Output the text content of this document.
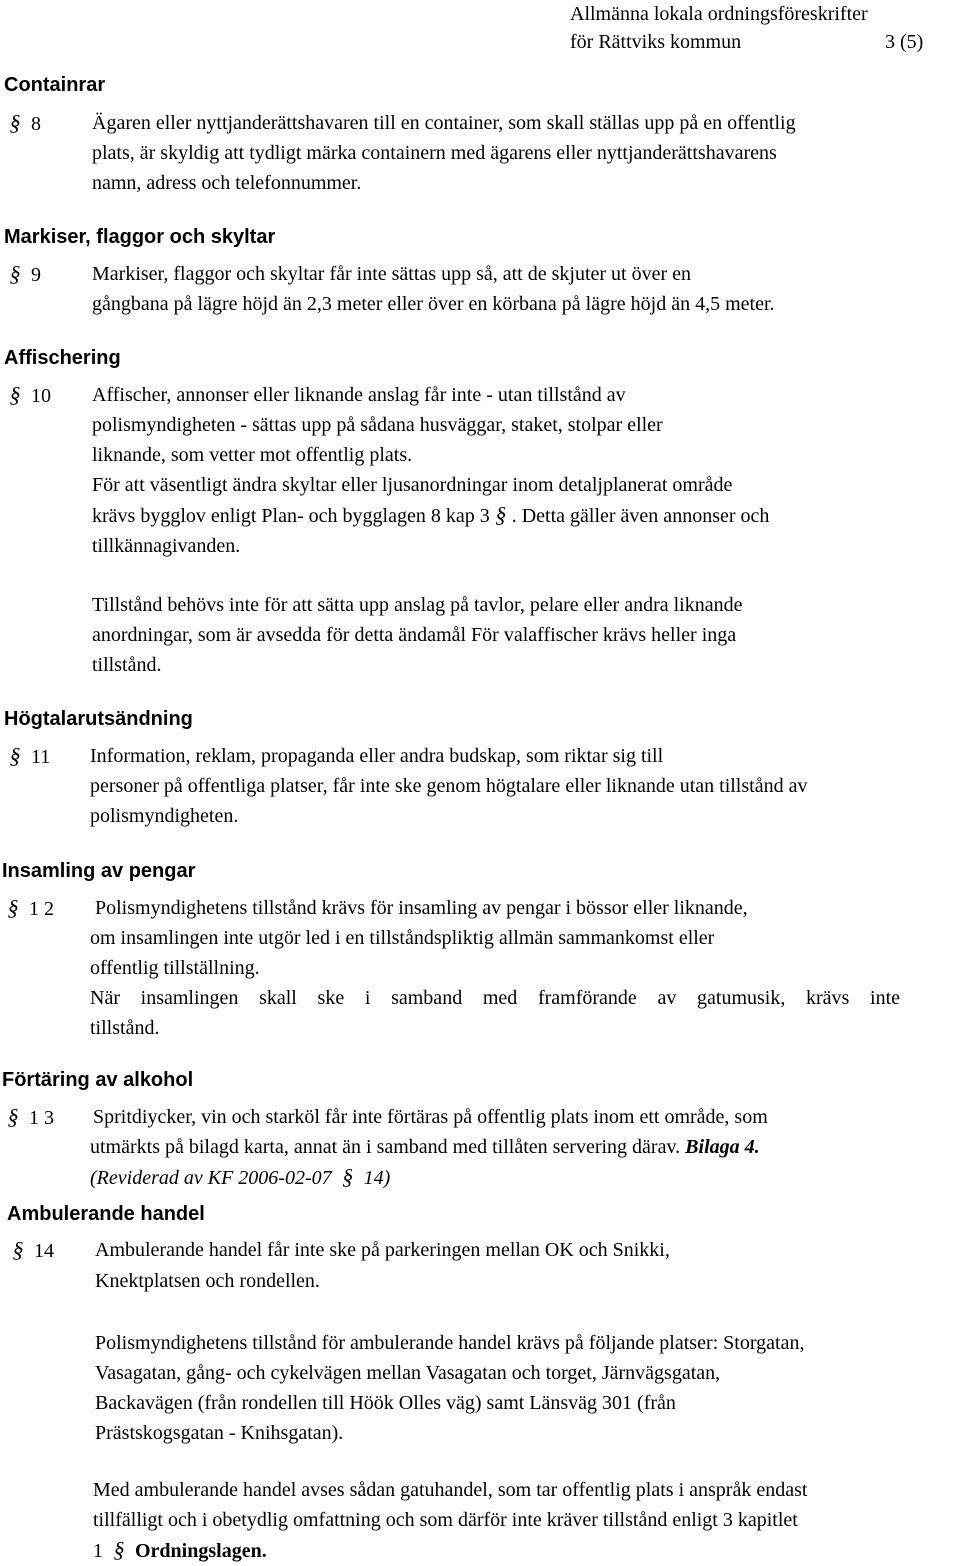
Allmänna lokala ordningsföreskrifter
för Rättviks kommun	3 (5)
Containrar
§ 8	Ägaren eller nyttjanderättshavaren till en container, som skall ställas upp på en offentlig
plats, är skyldig att tydligt märka containern med ägarens eller nyttjanderättshavarens
namn, adress och telefonnummer.
Markiser, flaggor och skyltar
§ 9	Markiser, flaggor och skyltar får inte sättas upp så, att de skjuter ut över en
gångbana på lägre höjd än 2,3 meter eller över en körbana på lägre höjd än 4,5 meter.
Affischering
§ 10 Affischer, annonser eller liknande anslag får inte - utan tillstånd av
polismyndigheten - sättas upp på sådana husväggar, staket, stolpar eller
liknande, som vetter mot offentlig plats.
För att väsentligt ändra skyltar eller ljusanordningar inom detaljplanerat område
krävs bygglov enligt Plan- och bygglagen 8 kap 3 § . Detta gäller även annonser och
tillkännagivanden.
Tillstånd behövs inte för att sätta upp anslag på tavlor, pelare eller andra liknande
anordningar, som är avsedda för detta ändamål För valaffischer krävs heller inga
tillstånd.
Högtalarutsändning
§ 11 Information, reklam, propaganda eller andra budskap, som riktar sig till
personer på offentliga platser, får inte ske genom högtalare eller liknande utan tillstånd av
polismyndigheten.
Insamling av pengar
§ 1 2 Polismyndighetens tillstånd krävs för insamling av pengar i bössor eller liknande,
om insamlingen inte utgör led i en tillståndspliktig allmän sammankomst eller
offentlig tillställning.
När insamlingen skall ske i samband med framförande av gatumusik, krävs inte
tillstånd.
Förtäring av alkohol
§ 1 3 Spritdiycker, vin och starköl får inte förtäras på offentlig plats inom ett område, som
utmärkts på bilagd karta, annat än i samband med tillåten servering därav. Bilaga 4.
(Reviderad av KF 2006-02-07 § 14)
Ambulerande handel
§ 14 Ambulerande handel får inte ske på parkeringen mellan OK och Snikki,
Knektplatsen och rondellen.
Polismyndighetens tillstånd för ambulerande handel krävs på följande platser: Storgatan,
Vasagatan, gång- och cykelvägen mellan Vasagatan och torget, Järnvägsgatan,
Backavägen (från rondellen till Höök Olles väg) samt Länsväg 301 (från
Prästskogsgatan - Knihsgatan).
Med ambulerande handel avses sådan gatuhandel, som tar offentlig plats i anspråk endast
tillfälligt och i obetydlig omfattning och som därför inte kräver tillstånd enligt 3 kapitlet
1 § Ordningslagen.
